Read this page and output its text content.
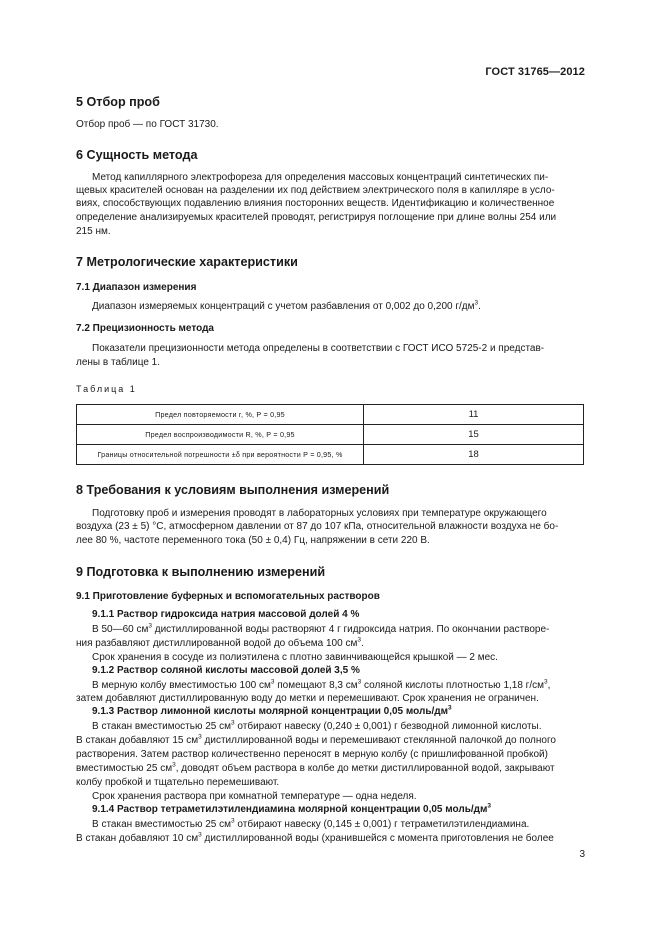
ГОСТ 31765—2012
5 Отбор проб
Отбор проб — по ГОСТ 31730.
6 Сущность метода
Метод капиллярного электрофореза для определения массовых концентраций синтетических пи-
щевых красителей основан на разделении их под действием электрического поля в капилляре в усло-
виях, способствующих подавлению влияния посторонних веществ. Идентификацию и количественное
определение анализируемых красителей проводят, регистрируя поглощение при длине волны 254 или
215 нм.
7 Метрологические характеристики
7.1 Диапазон измерения
Диапазон измеряемых концентраций с учетом разбавления от 0,002 до 0,200 $г/дм^3$.
7.2 Прецизионность метода
Показатели прецизионности метода определены в соответствии с ГОСТ ИСО 5725-2 и представ-
лены в таблице 1.
Таблица 1
Предел повторяемости r, %, P = 0,95	11
Предел воспроизводимости R, %, P = 0,95	15
Границы относительной погрешности ±δ при вероятности P = 0,95, %	18
8 Требования к условиям выполнения измерений
Подготовку проб и измерения проводят в лабораторных условиях при температуре окружающего
воздуха (23 ± 5) °С, атмосферном давлении от 87 до 107 кПа, относительной влажности воздуха не бо-
лее 80 %, частоте переменного тока (50 ± 0,4) Гц, напряжении в сети 220 В.
9 Подготовка к выполнению измерений
9.1 Приготовление буферных и вспомогательных растворов
9.1.1 Раствор гидроксида натрия массовой долей 4 %
В 50—60 $см^3$ дистиллированной воды растворяют 4 г гидроксида натрия. По окончании растворе-
ния разбавляют дистиллированной водой до объема 100 $см^3$.
Срок хранения в сосуде из полиэтилена с плотно завинчивающейся крышкой — 2 мес.
9.1.2 Раствор соляной кислоты массовой долей 3,5 %
В мерную колбу вместимостью 100 $см^3$ помещают 8,3 $см^3$ соляной кислоты плотностью 1,18 $г/см^3$,
затем добавляют дистиллированную воду до метки и перемешивают. Срок хранения не ограничен.
9.1.3 Раствор лимонной кислоты молярной концентрации 0,05 моль/$дм^3$
В стакан вместимостью 25 $см^3$ отбирают навеску (0,240 ± 0,001) г безводной лимонной кислоты.
В стакан добавляют 15 $см^3$ дистиллированной воды и перемешивают стеклянной палочкой до полного
растворения. Затем раствор количественно переносят в мерную колбу (с пришлифованной пробкой)
вместимостью 25 $см^3$, доводят объем раствора в колбе до метки дистиллированной водой, закрывают
колбу пробкой и тщательно перемешивают.
Срок хранения раствора при комнатной температуре — одна неделя.
9.1.4 Раствор тетраметилэтилендиамина молярной концентрации 0,05 моль/$дм^3$
В стакан вместимостью 25 $см^3$ отбирают навеску (0,145 ± 0,001) г тетраметилэтилендиамина.
В стакан добавляют 10 $см^3$ дистиллированной воды (хранившейся с момента приготовления не более
3
